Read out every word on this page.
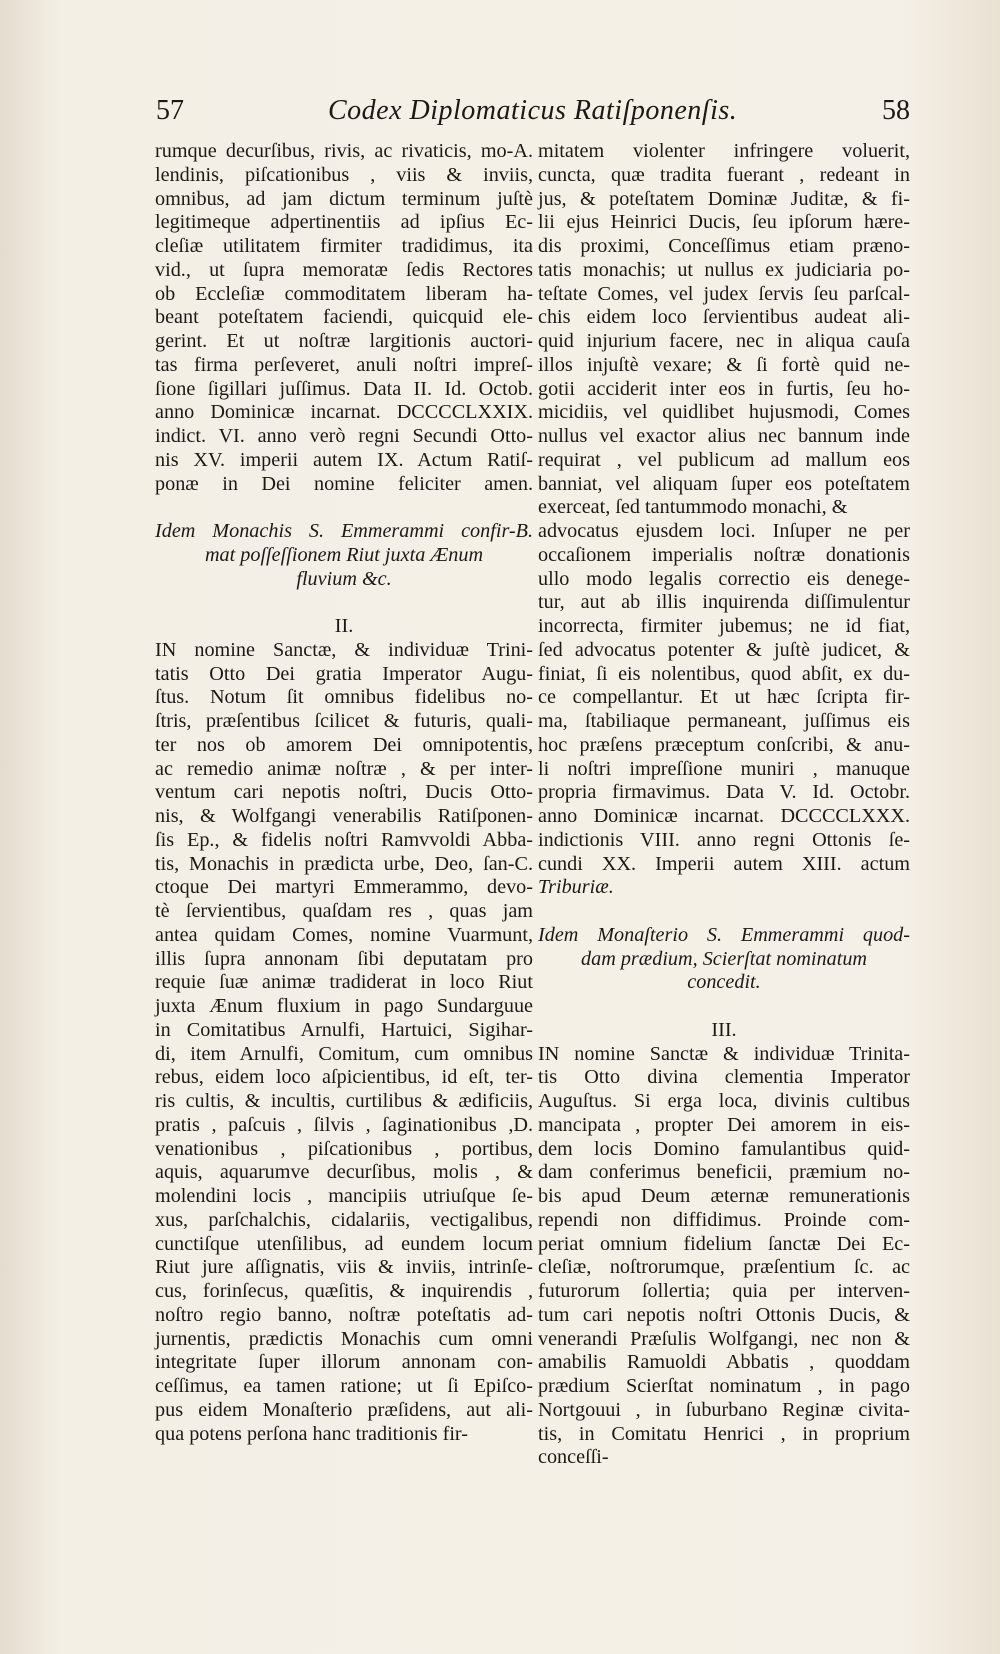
57	Codex Diplomaticus Ratiſponenſis.	58
rumque decurſibus, rivis, ac rivaticis, mo-A.
lendinis, piſcationibus , viis & inviis,
omnibus, ad jam dictum terminum juſtè
legitimeque adpertinentiis ad ipſius Ec-
cleſiæ utilitatem firmiter tradidimus, ita
vid., ut ſupra memoratæ ſedis Rectores
ob Eccleſiæ commoditatem liberam ha-
beant poteſtatem faciendi, quicquid ele-
gerint. Et ut noſtræ largitionis auctori-
tas firma perſeveret, anuli noſtri impreſ-
ſione ſigillari juſſimus. Data II. Id. Octob.
anno Dominicæ incarnat. DCCCCLXXIX.
indict. VI. anno verò regni Secundi Otto-
nis XV. imperii autem IX. Actum Ratiſ-
ponæ in Dei nomine feliciter amen.
Idem Monachis S. Emmerammi confir-B.
mat poſſeſſionem Riut juxta Ænum
fluvium &c.
II.
IN nomine Sanctæ, & individuæ Trini-
tatis Otto Dei gratia Imperator Augu-
ſtus. Notum ſit omnibus fidelibus no-
ſtris, præſentibus ſcilicet & futuris, quali-
ter nos ob amorem Dei omnipotentis,
ac remedio animæ noſtræ , & per inter-
ventum cari nepotis noſtri, Ducis Otto-
nis, & Wolfgangi venerabilis Ratiſponen-
ſis Ep., & fidelis noſtri Ramvvoldi Abba-
tis, Monachis in prædicta urbe, Deo, ſan-C.
ctoque Dei martyri Emmerammo, devo-
tè ſervientibus, quaſdam res , quas jam
antea quidam Comes, nomine Vuarmunt,
illis ſupra annonam ſibi deputatam pro
requie ſuæ animæ tradiderat in loco Riut
juxta Ænum fluxium in pago Sundarguue
in Comitatibus Arnulfi, Hartuici, Sigihar-
di, item Arnulfi, Comitum, cum omnibus
rebus, eidem loco aſpicientibus, id eſt, ter-
ris cultis, & incultis, curtilibus & ædificiis,
pratis , paſcuis , ſilvis , ſaginationibus ,D.
venationibus , piſcationibus , portibus,
aquis, aquarumve decurſibus, molis , &
molendini locis , mancipiis utriuſque ſe-
xus, parſchalchis, cidalariis, vectigalibus,
cunctiſque utenſilibus, ad eundem locum
Riut jure aſſignatis, viis & inviis, intrinſe-
cus, forinſecus, quæſitis, & inquirendis ,
noſtro regio banno, noſtræ poteſtatis ad-
jurnentis, prædictis Monachis cum omni
integritate ſuper illorum annonam con-
ceſſimus, ea tamen ratione; ut ſi Epiſco-
pus eidem Monaſterio præſidens, aut ali-
qua potens perſona hanc traditionis fir-
mitatem violenter infringere voluerit,
cuncta, quæ tradita fuerant , redeant in
jus, & poteſtatem Dominæ Juditæ, & fi-
lii ejus Heinrici Ducis, ſeu ipſorum hære-
dis proximi, Conceſſimus etiam præno-
tatis monachis; ut nullus ex judiciaria po-
teſtate Comes, vel judex ſervis ſeu parſcal-
chis eidem loco ſervientibus audeat ali-
quid injurium facere, nec in aliqua cauſa
illos injuſtè vexare; & ſi fortè quid ne-
gotii acciderit inter eos in furtis, ſeu ho-
micidiis, vel quidlibet hujusmodi, Comes
nullus vel exactor alius nec bannum inde
requirat , vel publicum ad mallum eos
banniat, vel aliquam ſuper eos poteſtatem
exerceat, ſed tantummodo monachi, &
advocatus ejusdem loci. Inſuper ne per
occaſionem imperialis noſtræ donationis
ullo modo legalis correctio eis denege-
tur, aut ab illis inquirenda diſſimulentur
incorrecta, firmiter jubemus; ne id fiat,
ſed advocatus potenter & juſtè judicet, &
finiat, ſi eis nolentibus, quod abſit, ex du-
ce compellantur. Et ut hæc ſcripta fir-
ma, ſtabiliaque permaneant, juſſimus eis
hoc præſens præceptum conſcribi, & anu-
li noſtri impreſſione muniri , manuque
propria firmavimus. Data V. Id. Octobr.
anno Dominicæ incarnat. DCCCCLXXX.
indictionis VIII. anno regni Ottonis ſe-
cundi XX. Imperii autem XIII. actum
Triburiæ.
Idem Monaſterio S. Emmerammi quod-
dam prædium, Scierſtat nominatum
concedit.
III.
IN nomine Sanctæ & individuæ Trinita-
tis Otto divina clementia Imperator
Auguſtus. Si erga loca, divinis cultibus
mancipata , propter Dei amorem in eis-
dem locis Domino famulantibus quid-
dam conferimus beneficii, præmium no-
bis apud Deum æternæ remunerationis
rependi non diffidimus. Proinde com-
periat omnium fidelium ſanctæ Dei Ec-
cleſiæ, noſtrorumque, præſentium ſc. ac
futurorum ſollertia; quia per interven-
tum cari nepotis noſtri Ottonis Ducis, &
venerandi Præſulis Wolfgangi, nec non &
amabilis Ramuoldi Abbatis , quoddam
prædium Scierſtat nominatum , in pago
Nortgouui , in ſuburbano Reginæ civita-
tis, in Comitatu Henrici , in proprium
conceſſi-
